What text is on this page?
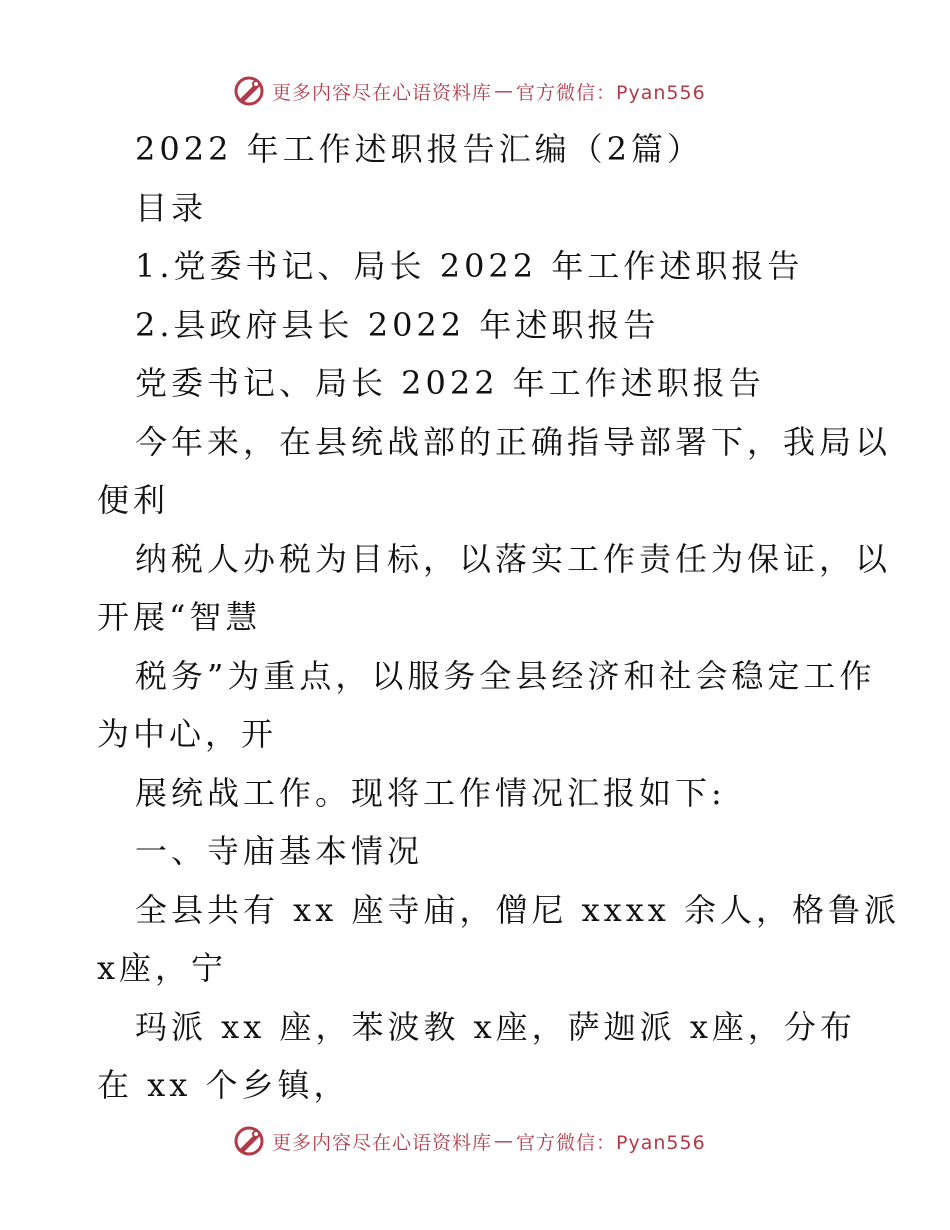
更多内容尽在心语资料库 — 官方微信：Pyan556
2022 年工作述职报告汇编（2篇）
目录
1.党委书记、局长 2022 年工作述职报告
2.县政府县长 2022 年述职报告
党委书记、局长 2022 年工作述职报告
今年来，在县统战部的正确指导部署下，我局以
便利
纳税人办税为目标，以落实工作责任为保证，以
开展“智慧
税务”为重点，以服务全县经济和社会稳定工作
为中心，开
展统战工作。现将工作情况汇报如下:
一、寺庙基本情况
全县共有 xx 座寺庙，僧尼 xxxx 余人，格鲁派
x座，宁
玛派 xx 座，苯波教 x座，萨迦派 x座，分布
在 xx 个乡镇，
更多内容尽在心语资料库 — 官方微信：Pyan556
